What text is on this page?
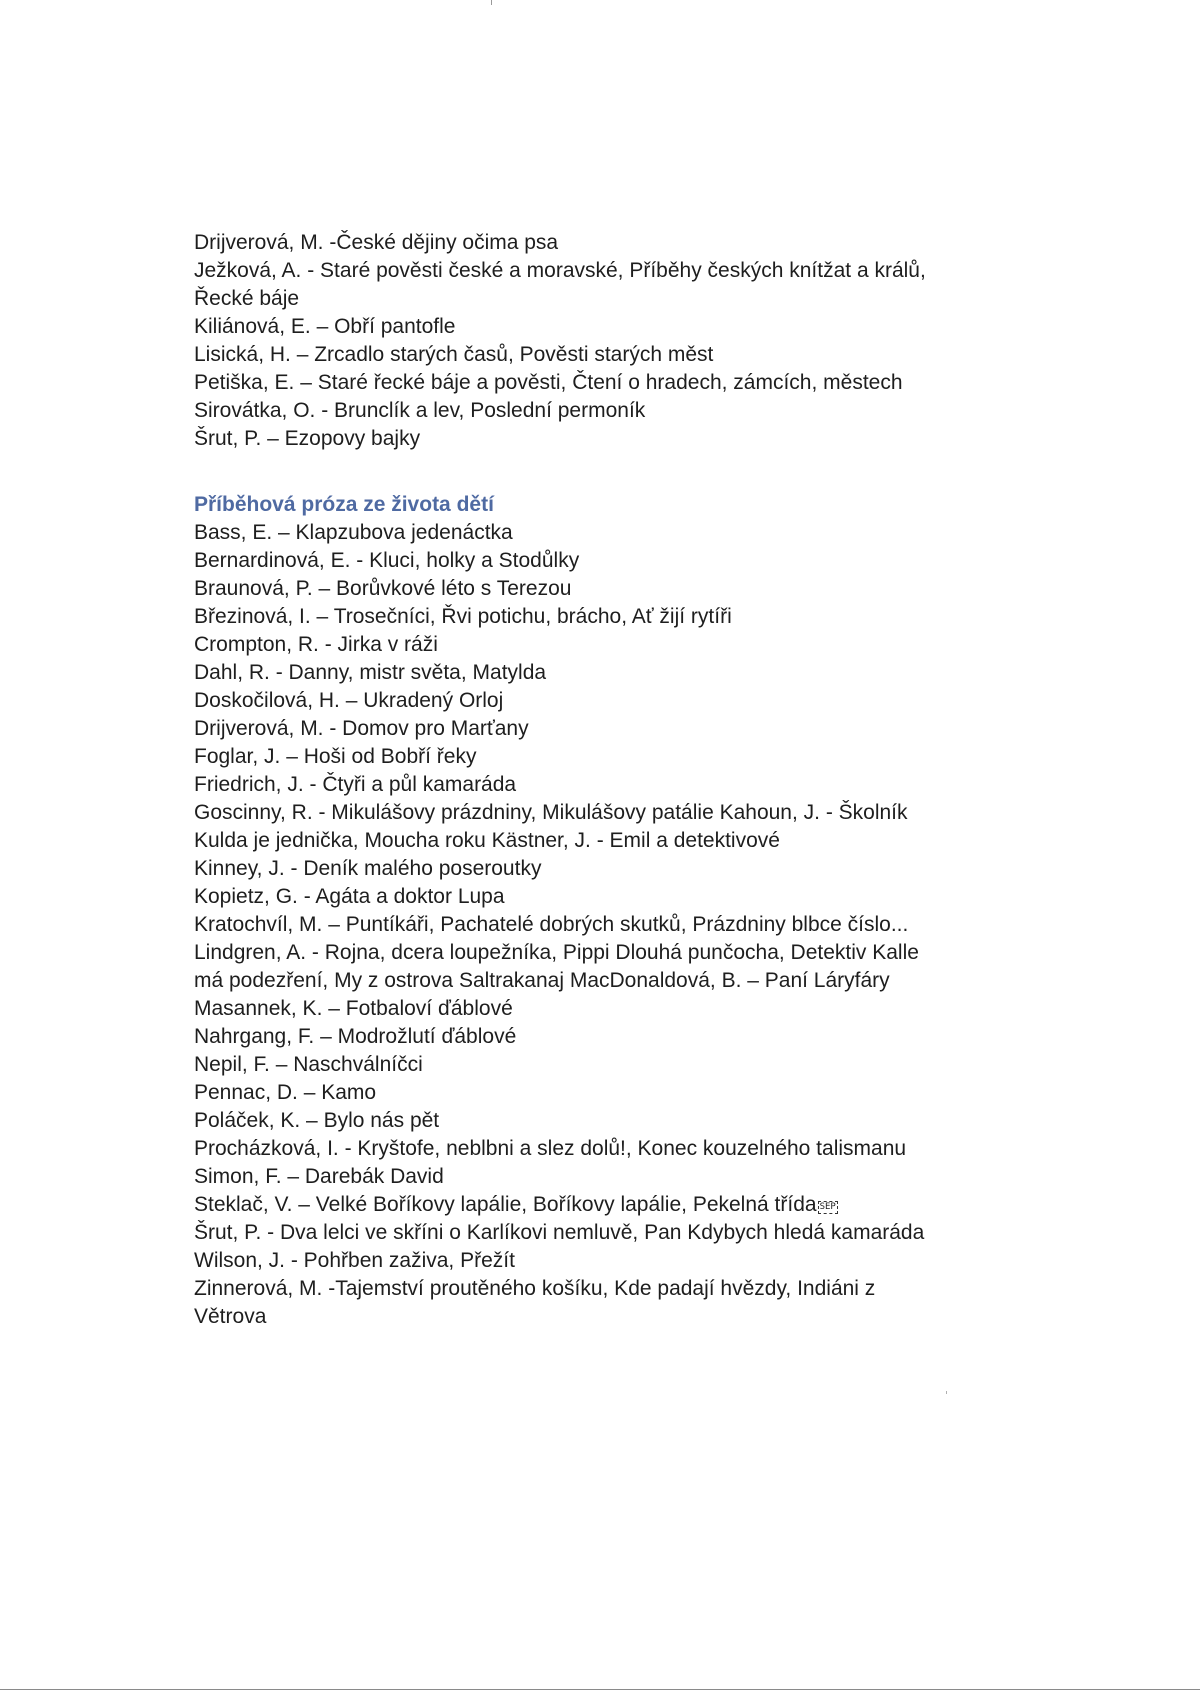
Drijverová, M. -České dějiny očima psa
Ježková, A. - Staré pověsti české a moravské, Příběhy českých knítžat a králů,
Řecké báje
Kiliánová, E. – Obří pantofle
Lisická, H. – Zrcadlo starých časů, Pověsti starých měst
Petiška, E. – Staré řecké báje a pověsti, Čtení o hradech, zámcích, městech
Sirovátka, O. - Brunclík a lev, Poslední permoník
Šrut, P. – Ezopovy bajky
Příběhová próza ze života dětí
Bass, E. – Klapzubova jedenáctka
Bernardinová, E. - Kluci, holky a Stodůlky
Braunová, P. – Borůvkové léto s Terezou
Březinová, I. – Trosečníci, Řvi potichu, brácho, Ať žijí rytíři
Crompton, R. - Jirka v ráži
Dahl, R. - Danny, mistr světa, Matylda
Doskočilová, H. – Ukradený Orloj
Drijverová, M. - Domov pro Marťany
Foglar, J. – Hoši od Bobří řeky
Friedrich, J. - Čtyři a půl kamaráda
Goscinny, R. - Mikulášovy prázdniny, Mikulášovy patálie Kahoun, J. - Školník
Kulda je jednička, Moucha roku Kästner, J. - Emil a detektivové
Kinney, J. - Deník malého poseroutky
Kopietz, G. - Agáta a doktor Lupa
Kratochvíl, M. – Puntíkáři, Pachatelé dobrých skutků, Prázdniny blbce číslo...
Lindgren, A. - Rojna, dcera loupežníka, Pippi Dlouhá punčocha, Detektiv Kalle
má podezření, My z ostrova Saltrakanaj MacDonaldová, B. – Paní Láryfáry
Masannek, K. – Fotbaloví ďáblové
Nahrgang, F. – Modrožlutí ďáblové
Nepil, F. – Naschválníčci
Pennac, D. – Kamo
Poláček, K. – Bylo nás pět
Procházková, I. - Kryštofe, neblbni a slez dolů!, Konec kouzelného talismanu
Simon, F. – Darebák David
Steklač, V. – Velké Boříkovy lapálie, Boříkovy lapálie, Pekelná třída SEP
Šrut, P. - Dva lelci ve skříni o Karlíkovi nemluvě, Pan Kdybych hledá kamaráda
Wilson, J. - Pohřben zaživa, Přežít
Zinnerová, M. -Tajemství proutěného košíku, Kde padají hvězdy, Indiáni z
Větrova
